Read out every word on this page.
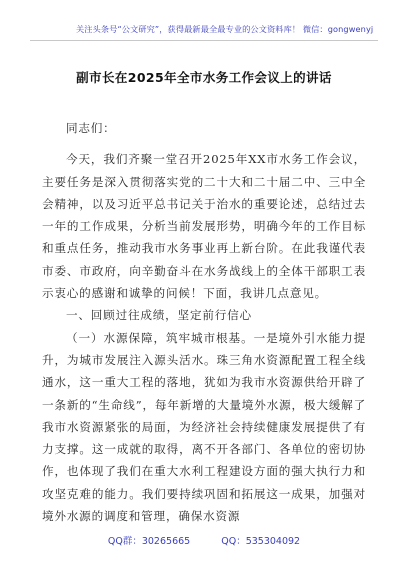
关注头条号“公文研究”，获得最新最全最专业的公文资料库！ 微信：gongwenyj
副市长在2025年全市水务工作会议上的讲话

同志们：

今天，我们齐聚一堂召开2025年XX市水务工作会议，主要任务是深入贯彻落实党的二十大和二十届二中、三中全会精神，以及习近平总书记关于治水的重要论述，总结过去一年的工作成果，分析当前发展形势，明确今年的工作目标和重点任务，推动我市水务事业再上新台阶。在此我谨代表市委、市政府，向辛勤奋斗在水务战线上的全体干部职工表示衷心的感谢和诚挚的问候！下面，我讲几点意见。

一、回顾过往成绩，坚定前行信心

（一）水源保障，筑牢城市根基。一是境外引水能力提升，为城市发展注入源头活水。珠三角水资源配置工程全线通水，这一重大工程的落地，犹如为我市水资源供给开辟了一条新的“生命线”，每年新增的大量境外水源，极大缓解了我市水资源紧张的局面，为经济社会持续健康发展提供了有力支撑。这一成就的取得，离不开各部门、各单位的密切协作，也体现了我们在重大水利工程建设方面的强大执行力和攻坚克难的能力。我们要持续巩固和拓展这一成果，加强对境外水源的调度和管理，确保水资源

QQ群：30265665	QQ：535304092
